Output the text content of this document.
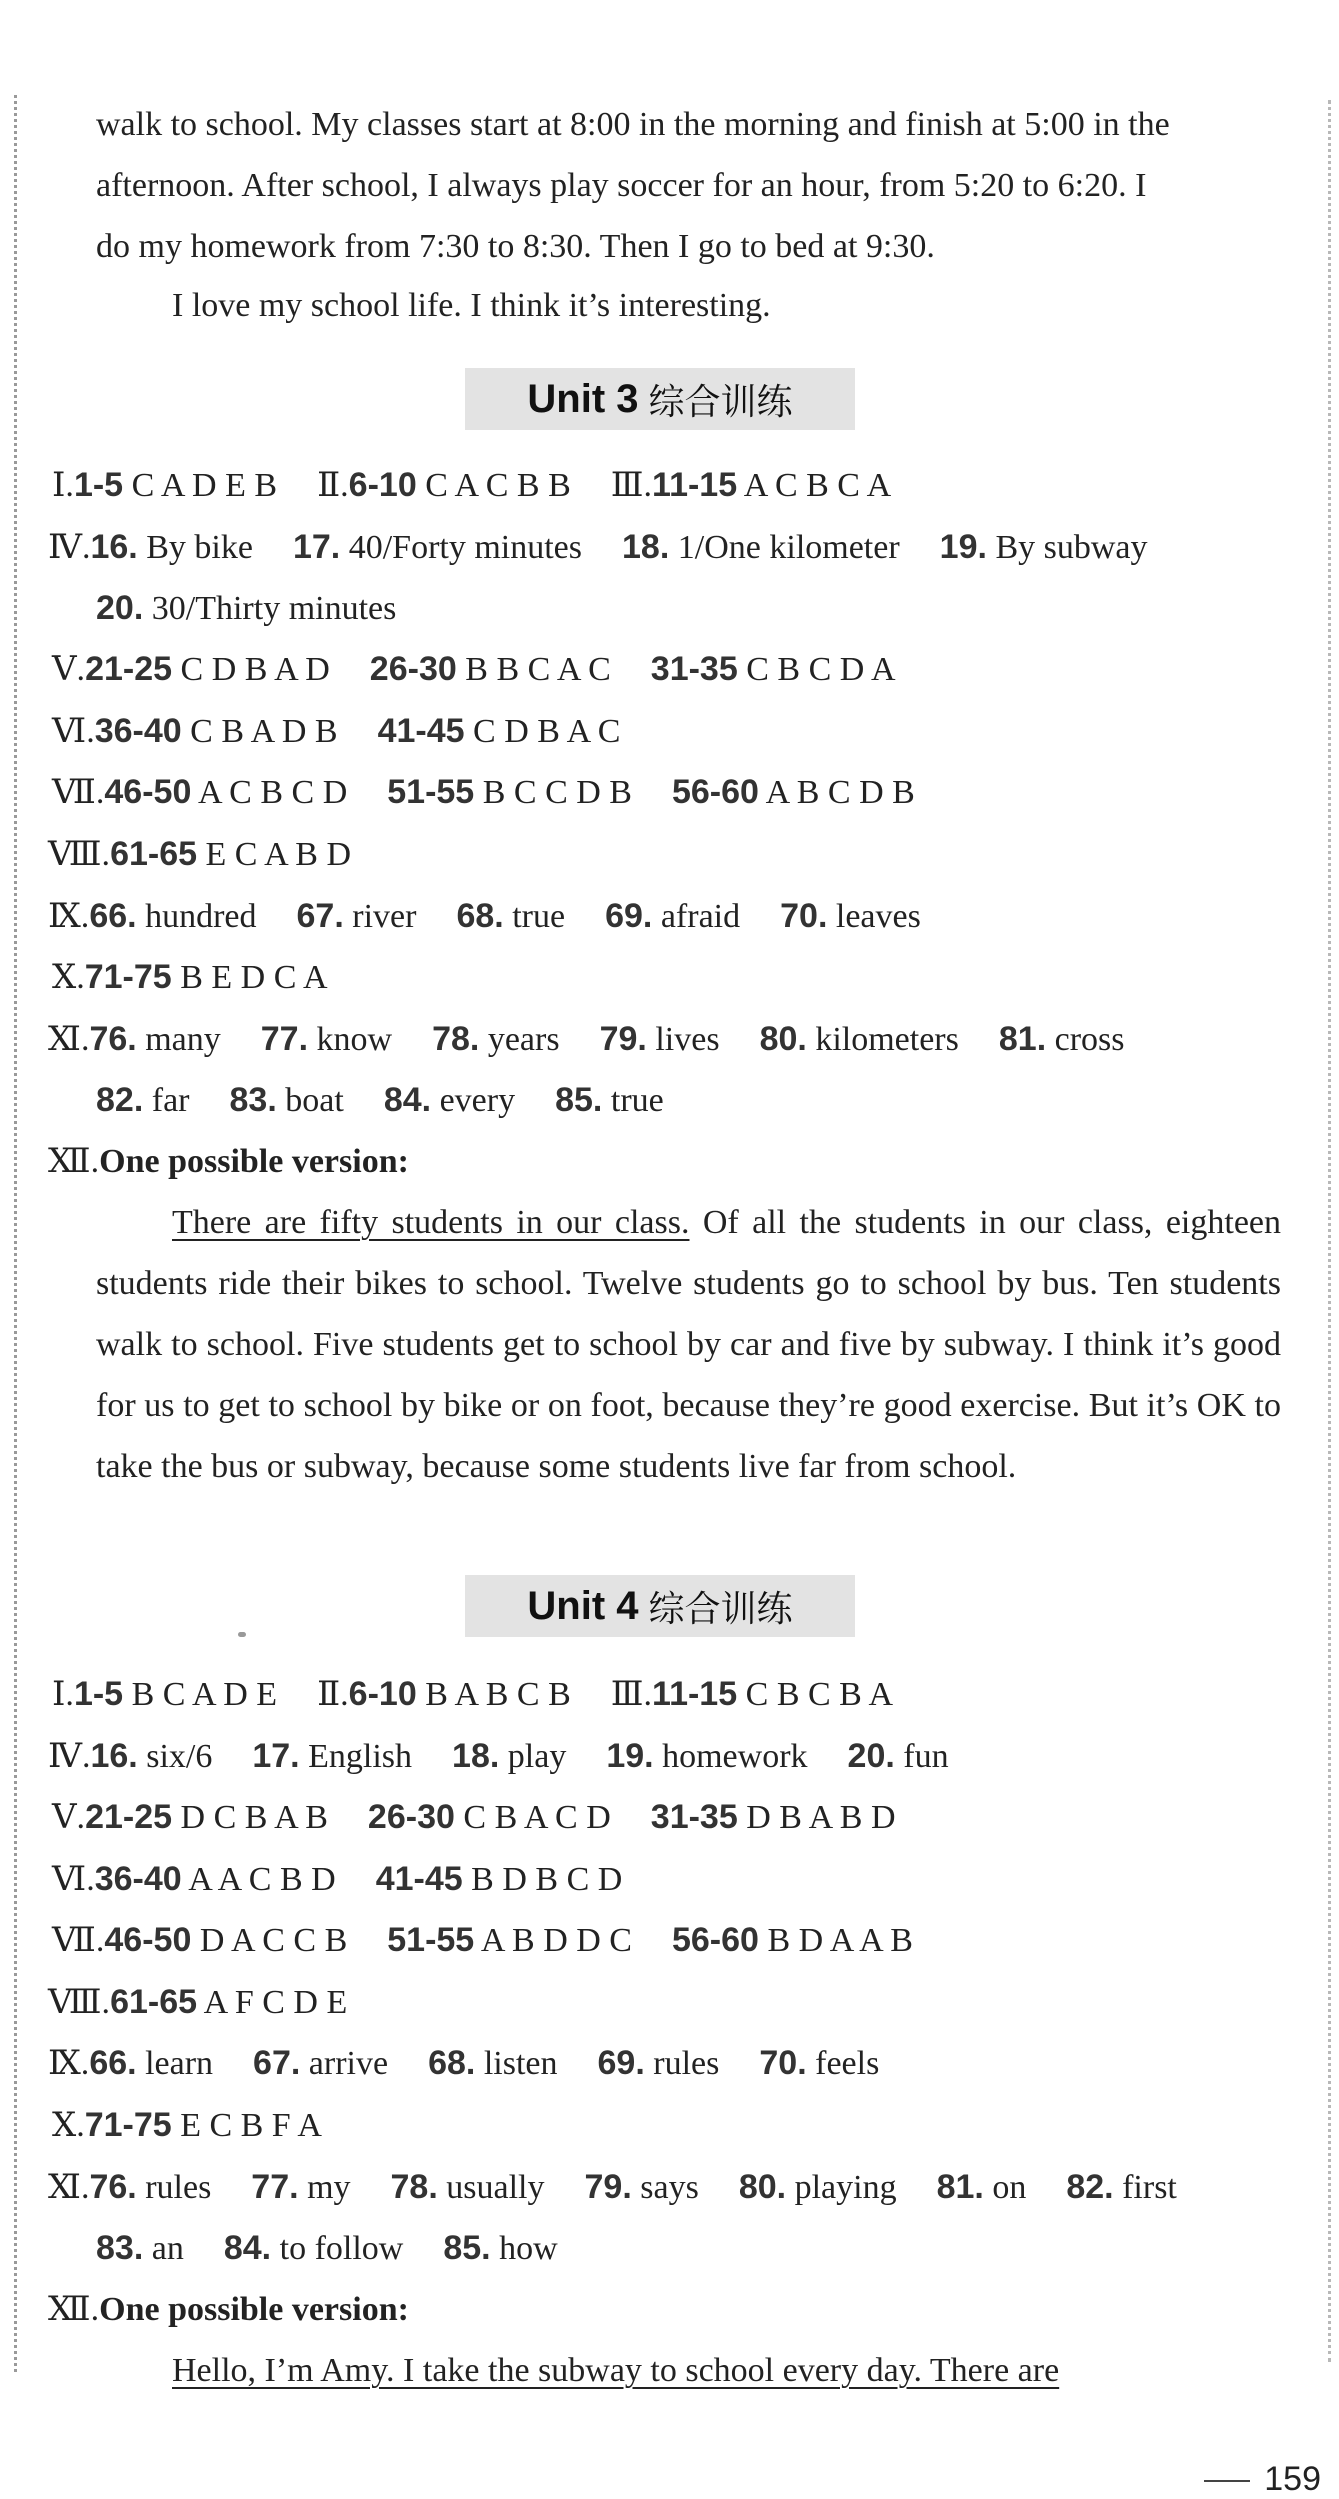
walk to school. My classes start at 8:00 in the morning and finish at 5:00 in the
afternoon. After school, I always play soccer for an hour, from 5:20 to 6:20. I
do my homework from 7:30 to 8:30. Then I go to bed at 9:30.
I love my school life. I think it’s interesting.
Unit 3 综合训练
Ⅰ.1-5 C A D E B Ⅱ.6-10 C A C B B Ⅲ.11-15 A C B C A
Ⅳ.16. By bike 17. 40/Forty minutes 18. 1/One kilometer 19. By subway
20. 30/Thirty minutes
Ⅴ.21-25 C D B A D 26-30 B B C A C 31-35 C B C D A
Ⅵ.36-40 C B A D B 41-45 C D B A C
Ⅶ.46-50 A C B C D 51-55 B C C D B 56-60 A B C D B
Ⅷ.61-65 E C A B D
Ⅸ.66. hundred 67. river 68. true 69. afraid 70. leaves
Ⅹ.71-75 B E D C A
Ⅺ.76. many 77. know 78. years 79. lives 80. kilometers 81. cross
82. far 83. boat 84. every 85. true
Ⅻ.One possible version:
There are fifty students in our class. Of all the students in our class, eighteen students ride their bikes to school. Twelve students go to school by bus. Ten students walk to school. Five students get to school by car and five by subway. I think it’s good for us to get to school by bike or on foot, because they’re good exercise. But it’s OK to take the bus or subway, because some students live far from school.
Unit 4 综合训练
Ⅰ.1-5 B C A D E Ⅱ.6-10 B A B C B Ⅲ.11-15 C B C B A
Ⅳ.16. six/6 17. English 18. play 19. homework 20. fun
Ⅴ.21-25 D C B A B 26-30 C B A C D 31-35 D B A B D
Ⅵ.36-40 A A C B D 41-45 B D B C D
Ⅶ.46-50 D A C C B 51-55 A B D D C 56-60 B D A A B
Ⅷ.61-65 A F C D E
Ⅸ.66. learn 67. arrive 68. listen 69. rules 70. feels
Ⅹ.71-75 E C B F A
Ⅺ.76. rules 77. my 78. usually 79. says 80. playing 81. on 82. first
83. an 84. to follow 85. how
Ⅻ.One possible version:
Hello, I’m Amy. I take the subway to school every day. There are
159
